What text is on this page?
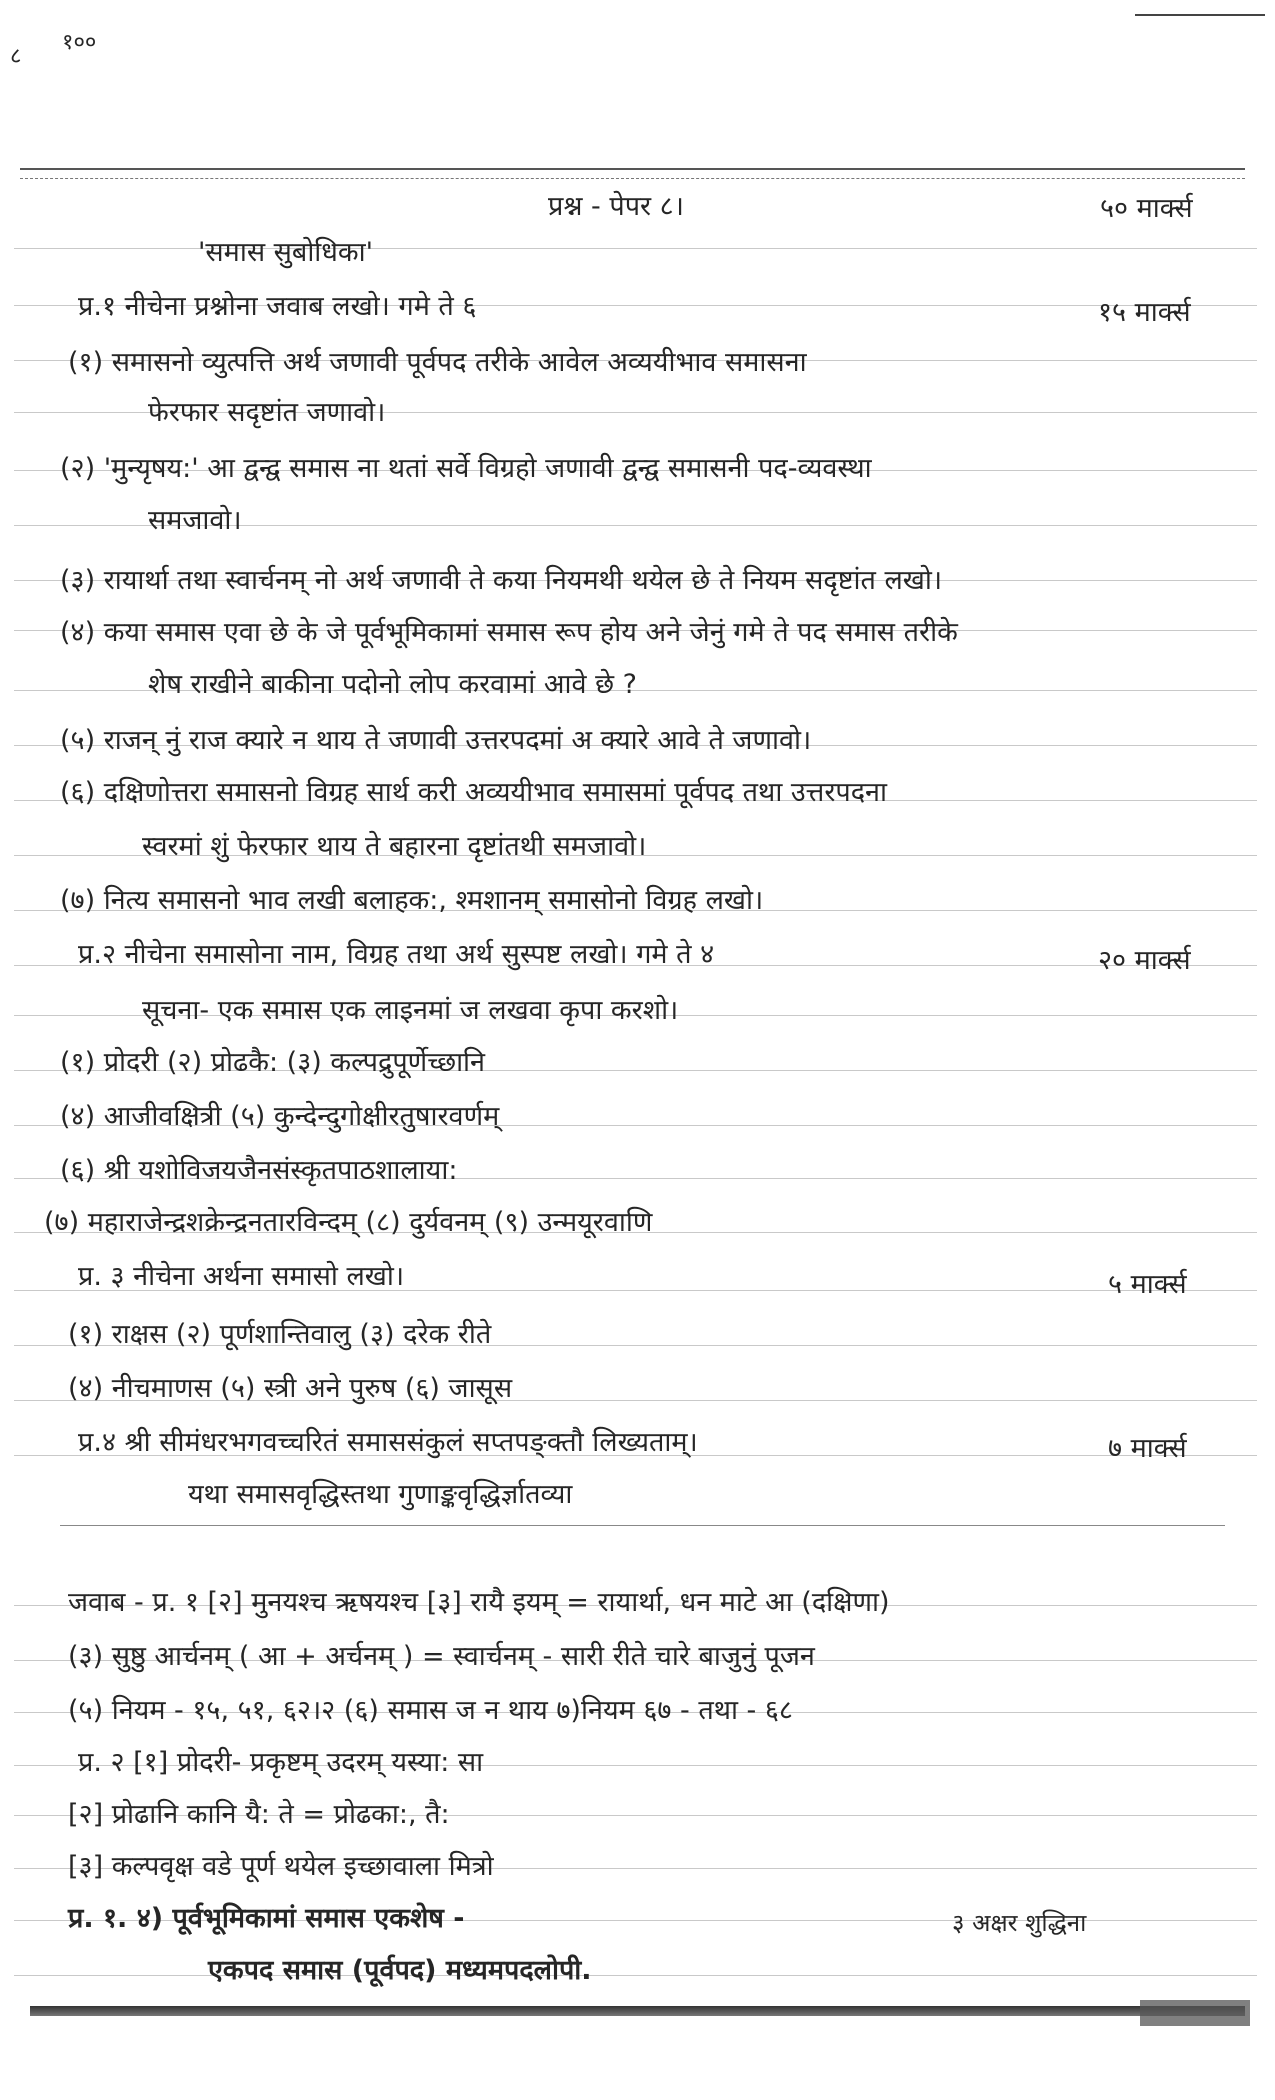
८
१००
प्रश्न - पेपर ८।	५० मार्क्स
'समास सुबोधिका'
प्र.१ नीचेना प्रश्नोना जवाब लखो। गमे ते ६	१५ मार्क्स
(१) समासनो व्युत्पत्ति अर्थ जणावी पूर्वपद तरीके आवेल अव्ययीभाव समासना
फेरफार सदृष्टांत जणावो।
(२) 'मुन्यृषय:' आ द्वन्द्व समास ना थतां सर्वे विग्रहो जणावी द्वन्द्व समासनी पद-व्यवस्था
समजावो।
(३) रायार्था तथा स्वार्चनम् नो अर्थ जणावी ते कया नियमथी थयेल छे ते नियम सदृष्टांत लखो।
(४) कया समास एवा छे के जे पूर्वभूमिकामां समास रूप होय अने जेनुं गमे ते पद समास तरीके
शेष राखीने बाकीना पदोनो लोप करवामां आवे छे ?
(५) राजन् नुं राज क्यारे न थाय ते जणावी उत्तरपदमां अ क्यारे आवे ते जणावो।
(६) दक्षिणोत्तरा समासनो विग्रह सार्थ करी अव्ययीभाव समासमां पूर्वपद तथा उत्तरपदना
स्वरमां शुं फेरफार थाय ते बहारना दृष्टांतथी समजावो।
(७) नित्य समासनो भाव लखी बलाहक:, श्मशानम् समासोनो विग्रह लखो।
प्र.२ नीचेना समासोना नाम, विग्रह तथा अर्थ सुस्पष्ट लखो। गमे ते ४	२० मार्क्स
सूचना- एक समास एक लाइनमां ज लखवा कृपा करशो।
(१) प्रोदरी (२) प्रोढकै: (३) कल्पद्रुपूर्णेच्छानि
(४) आजीवक्षित्री (५) कुन्देन्दुगोक्षीरतुषारवर्णम्
(६) श्री यशोविजयजैनसंस्कृतपाठशालाया:
(७) महाराजेन्द्रशक्रेन्द्रनतारविन्दम् (८) दुर्यवनम् (९) उन्मयूरवाणि
प्र. ३ नीचेना अर्थना समासो लखो।	५ मार्क्स
(१) राक्षस (२) पूर्णशान्तिवालु (३) दरेक रीते
(४) नीचमाणस (५) स्त्री अने पुरुष (६) जासूस
प्र.४ श्री सीमंधरभगवच्चरितं समाससंकुलं सप्तपङ्क्तौ लिख्यताम्।	७ मार्क्स
यथा समासवृद्धिस्तथा गुणाङ्कवृद्धिर्ज्ञातव्या
जवाब - प्र. १ [२] मुनयश्च ऋषयश्च [३] रायै इयम् = रायार्था, धन माटे आ (दक्षिणा)
(३) सुष्ठु आर्चनम् ( आ + अर्चनम् ) = स्वार्चनम् - सारी रीते चारे बाजुनुं पूजन
(५) नियम - १५, ५१, ६२।२ (६) समास ज न थाय ७)नियम ६७ - तथा - ६८
प्र. २ [१] प्रोदरी- प्रकृष्टम् उदरम् यस्या: सा
[२] प्रोढानि कानि यै: ते = प्रोढका:, तै:
[३] कल्पवृक्ष वडे पूर्ण थयेल इच्छावाला मित्रो
प्र. १. ४) पूर्वभूमिकामां समास एकशेष -	३ अक्षर शुद्धिना
एकपद समास (पूर्वपद) मध्यमपदलोपी.
